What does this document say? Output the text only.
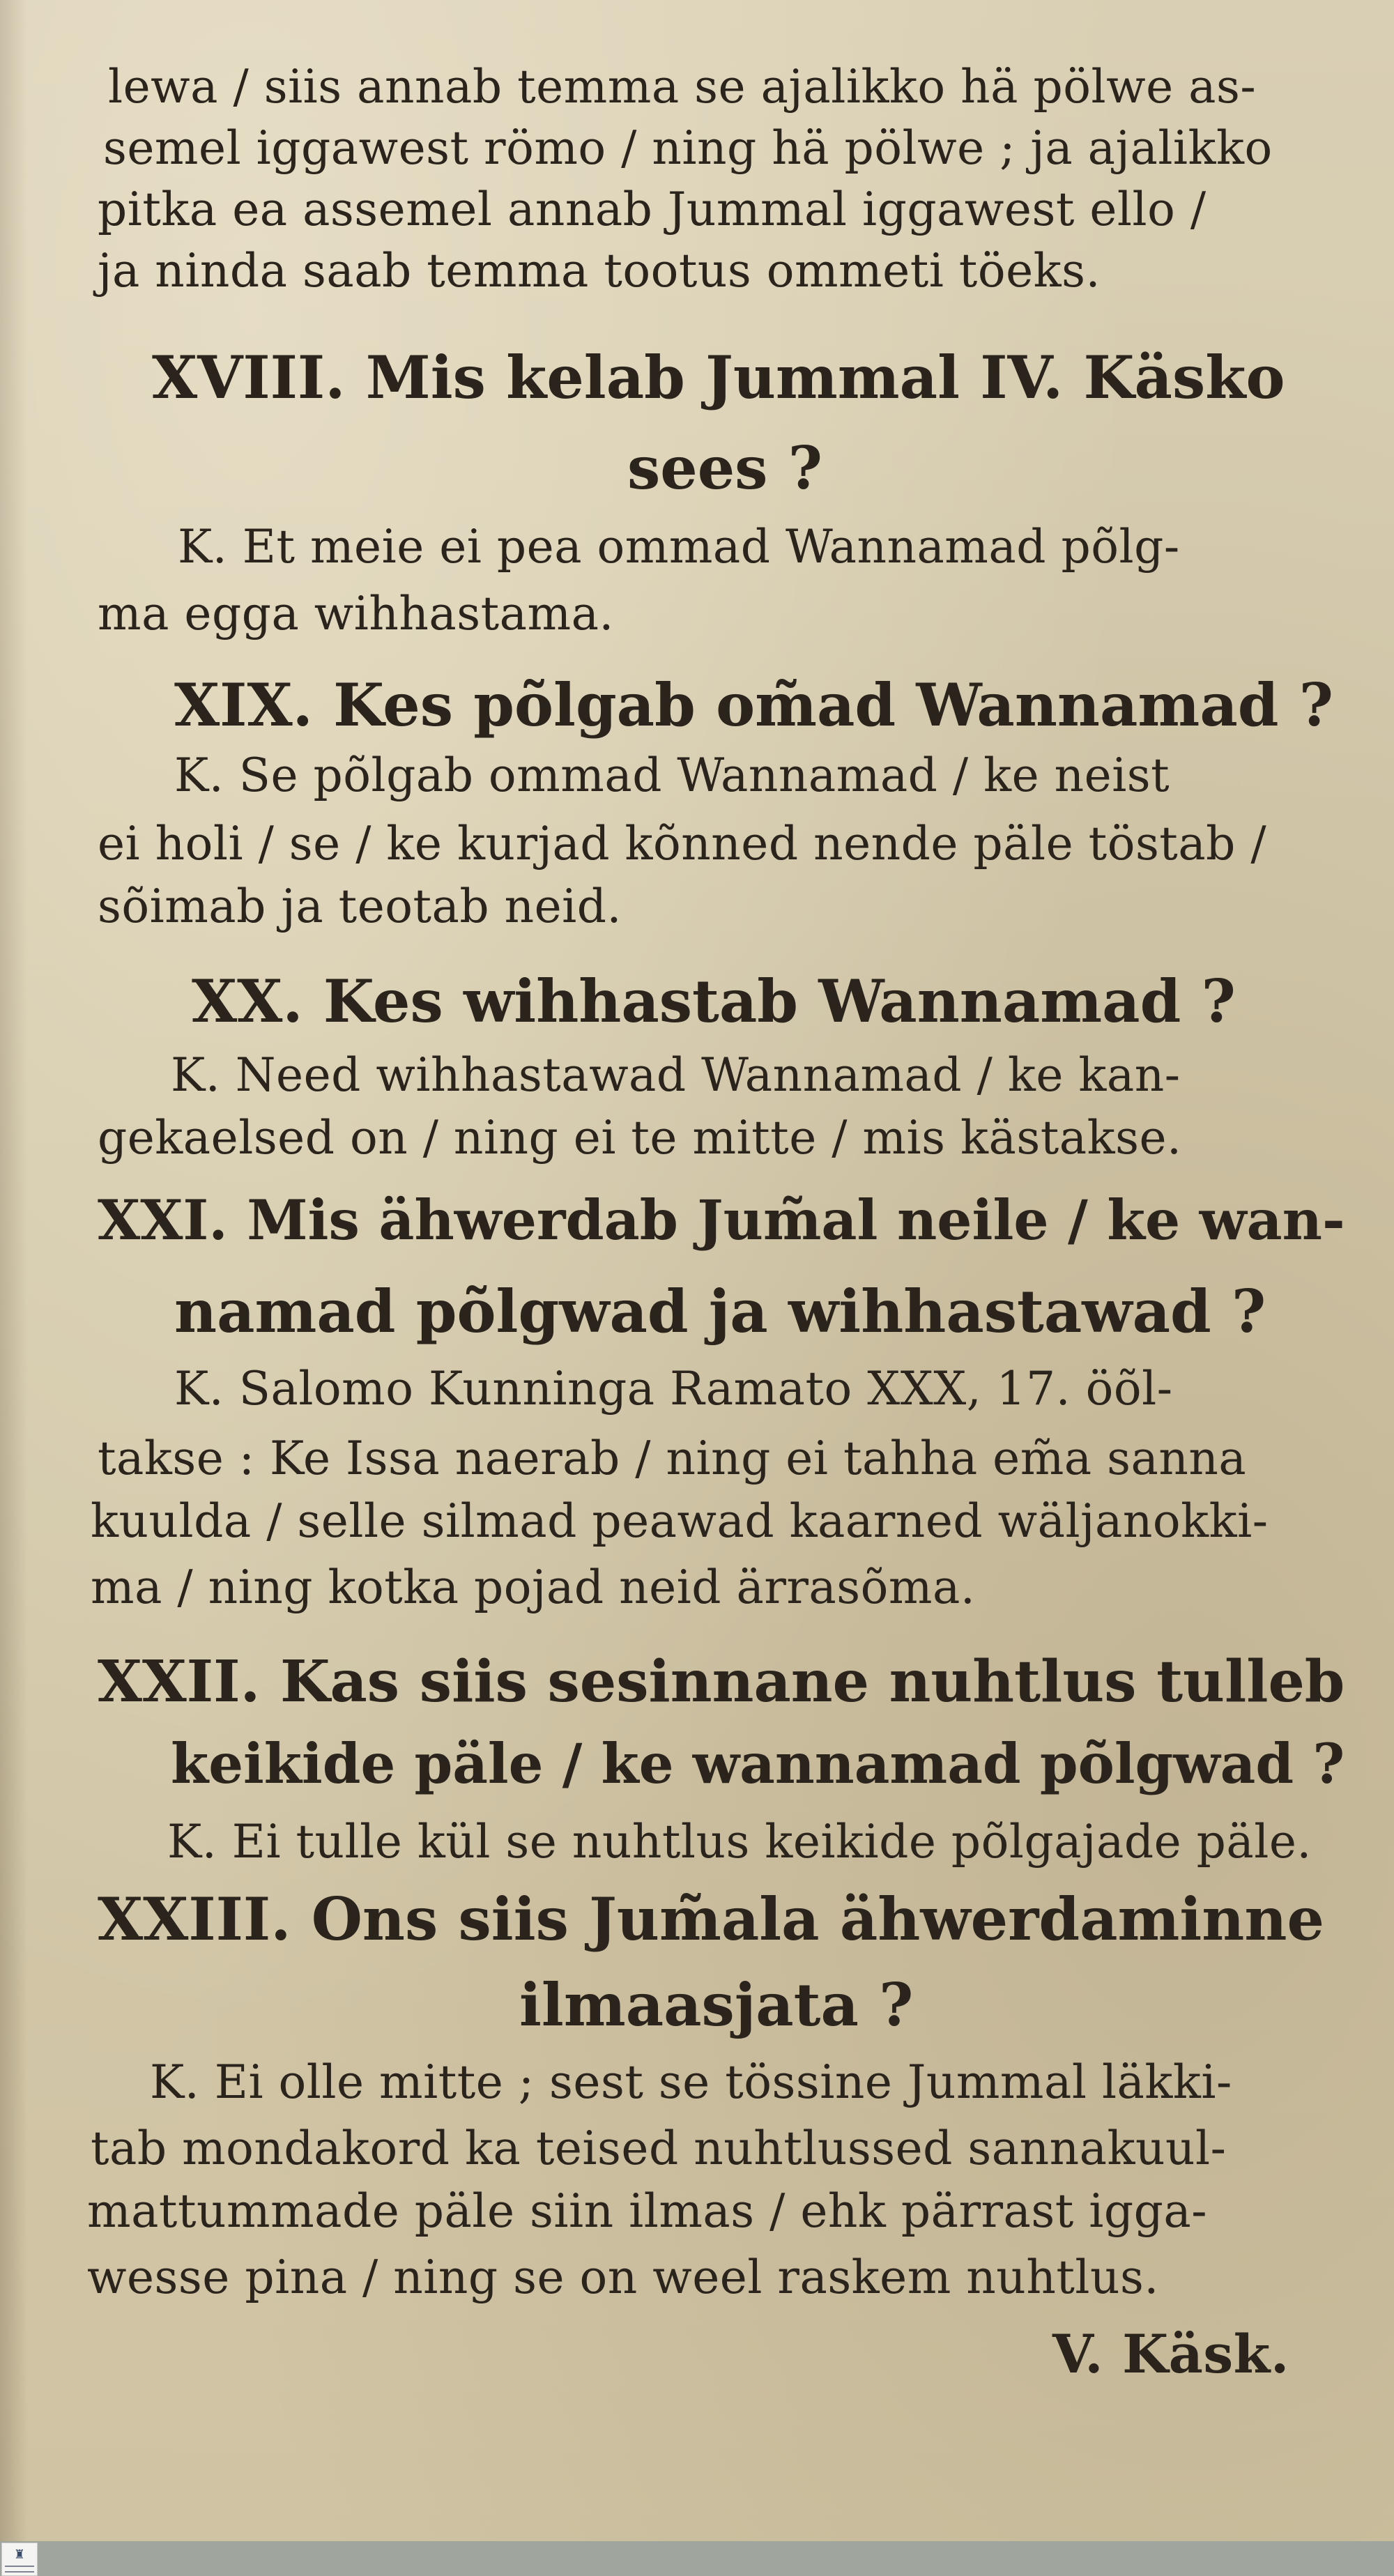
lewa / siis annab temma se ajalikko hä pölwe as-
semel iggawest römo / ning hä pölwe ; ja ajalikko
pitka ea assemel annab Jummal iggawest ello /
ja ninda saab temma tootus ommeti töeks.
XVIII. Mis kelab Jummal IV. Käsko
sees ?
K. Et meie ei pea ommad Wannamad põlg-
ma egga wihhastama.
XIX. Kes põlgab om̃ad Wannamad ?
K. Se põlgab ommad Wannamad / ke neist
ei holi / se / ke kurjad kõnned nende päle töstab /
sõimab ja teotab neid.
XX. Kes wihhastab Wannamad ?
K. Need wihhastawad Wannamad / ke kan-
gekaelsed on / ning ei te mitte / mis kästakse.
XXI. Mis ähwerdab Jum̃al neile / ke wan-
namad põlgwad ja wihhastawad ?
K. Salomo Kunninga Ramato XXX, 17. öõl-
takse : Ke Issa naerab / ning ei tahha em̃a sanna
kuulda / selle silmad peawad kaarned wäljanokki-
ma / ning kotka pojad neid ärrasõma.
XXII. Kas siis sesinnane nuhtlus tulleb
keikide päle / ke wannamad põlgwad ?
K. Ei tulle kül se nuhtlus keikide põlgajade päle.
XXIII. Ons siis Jum̃ala ähwerdaminne
ilmaasjata ?
K. Ei olle mitte ; sest se tössine Jummal läkki-
tab mondakord ka teised nuhtlussed sannakuul-
mattummade päle siin ilmas / ehk pärrast igga-
wesse pina / ning se on weel raskem nuhtlus.
V. Käsk.
♜
